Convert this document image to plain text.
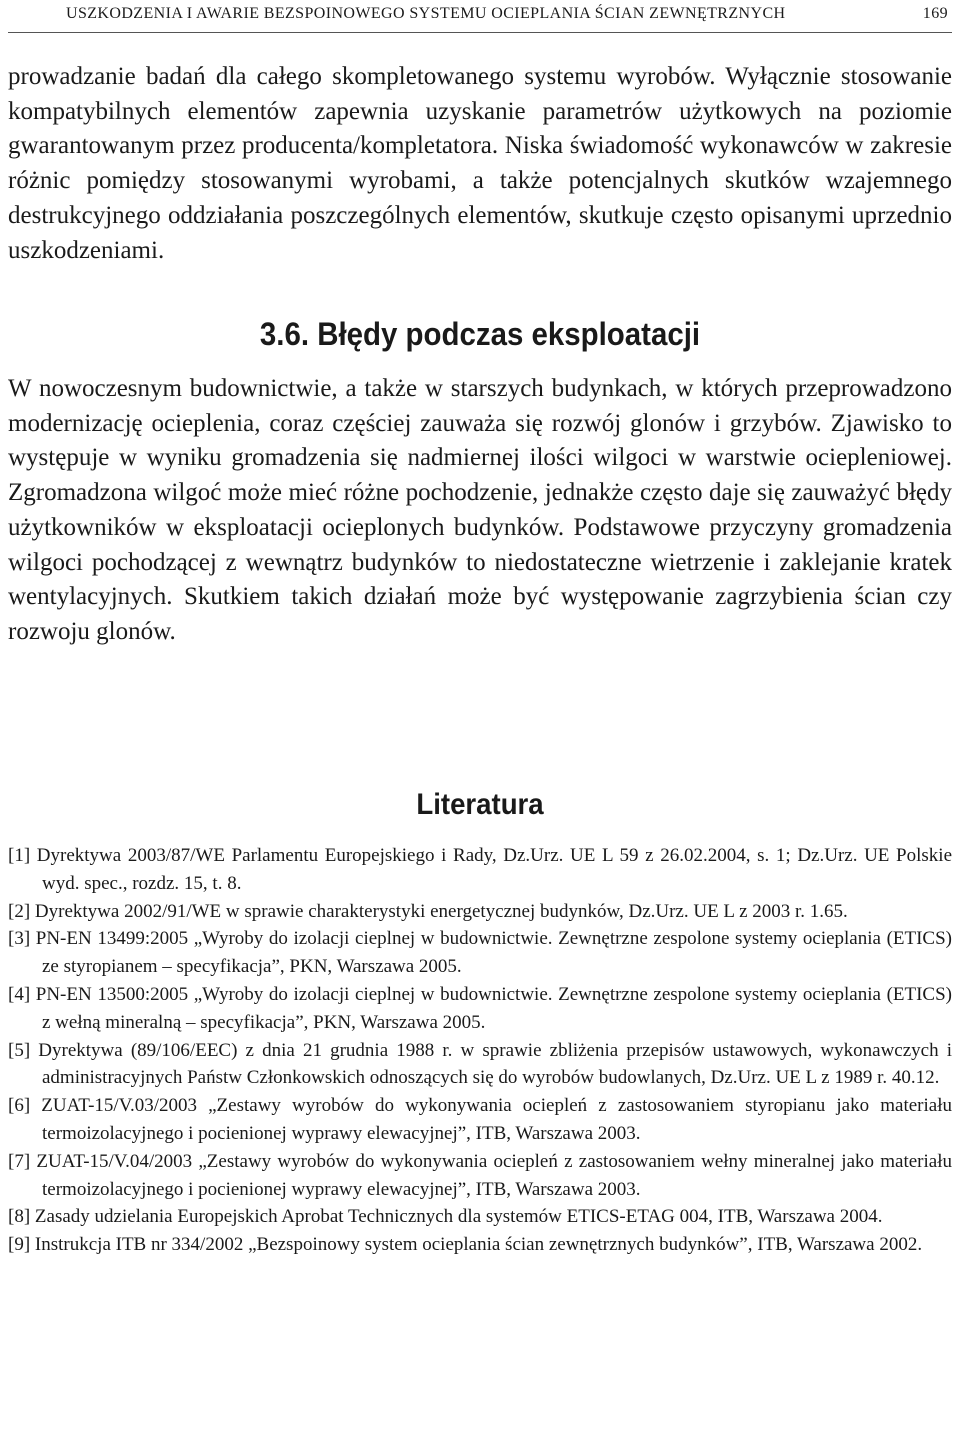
USZKODZENIA I AWARIE BEZSPOINOWEGO SYSTEMU OCIEPLANIA ŚCIAN ZEWNĘTRZNYCH	169

prowadzanie badań dla całego skompletowanego systemu wyrobów. Wyłącznie stosowanie kompatybilnych elementów zapewnia uzyskanie parametrów użytkowych na poziomie gwarantowanym przez producenta/kompletatora. Niska świadomość wykonawców w zakresie różnic pomiędzy stosowanymi wyrobami, a także potencjalnych skutków wzajemnego destrukcyjnego oddziałania poszczególnych elementów, skutkuje często opisanymi uprzednio uszkodzeniami.

3.6. Błędy podczas eksploatacji

W nowoczesnym budownictwie, a także w starszych budynkach, w których przeprowadzono modernizację ocieplenia, coraz częściej zauważa się rozwój glonów i grzybów. Zjawisko to występuje w wyniku gromadzenia się nadmiernej ilości wilgoci w warstwie ociepleniowej. Zgromadzona wilgoć może mieć różne pochodzenie, jednakże często daje się zauważyć błędy użytkowników w eksploatacji ocieplonych budynków. Podstawowe przyczyny gromadzenia wilgoci pochodzącej z wewnątrz budynków to niedostateczne wietrzenie i zaklejanie kratek wentylacyjnych. Skutkiem takich działań może być występowanie zagrzybienia ścian czy rozwoju glonów.

Literatura
[1] Dyrektywa 2003/87/WE Parlamentu Europejskiego i Rady, Dz.Urz. UE L 59 z 26.02.2004, s. 1; Dz.Urz. UE Polskie wyd. spec., rozdz. 15, t. 8.
[2] Dyrektywa 2002/91/WE w sprawie charakterystyki energetycznej budynków, Dz.Urz. UE L z 2003 r. 1.65.
[3] PN-EN 13499:2005 „Wyroby do izolacji cieplnej w budownictwie. Zewnętrzne zespolone systemy ocieplania (ETICS) ze styropianem – specyfikacja”, PKN, Warszawa 2005.
[4] PN-EN 13500:2005 „Wyroby do izolacji cieplnej w budownictwie. Zewnętrzne zespolone systemy ocieplania (ETICS) z wełną mineralną – specyfikacja”, PKN, Warszawa 2005.
[5] Dyrektywa (89/106/EEC) z dnia 21 grudnia 1988 r. w sprawie zbliżenia przepisów ustawowych, wykonawczych i administracyjnych Państw Członkowskich odnoszących się do wyrobów budowlanych, Dz.Urz. UE L z 1989 r. 40.12.
[6] ZUAT-15/V.03/2003 „Zestawy wyrobów do wykonywania ociepleń z zastosowaniem styropianu jako materiału termoizolacyjnego i pocienionej wyprawy elewacyjnej”, ITB, Warszawa 2003.
[7] ZUAT-15/V.04/2003 „Zestawy wyrobów do wykonywania ociepleń z zastosowaniem wełny mineralnej jako materiału termoizolacyjnego i pocienionej wyprawy elewacyjnej”, ITB, Warszawa 2003.
[8] Zasady udzielania Europejskich Aprobat Technicznych dla systemów ETICS-ETAG 004, ITB, Warszawa 2004.
[9] Instrukcja ITB nr 334/2002 „Bezspoinowy system ocieplania ścian zewnętrznych budynków”, ITB, Warszawa 2002.
